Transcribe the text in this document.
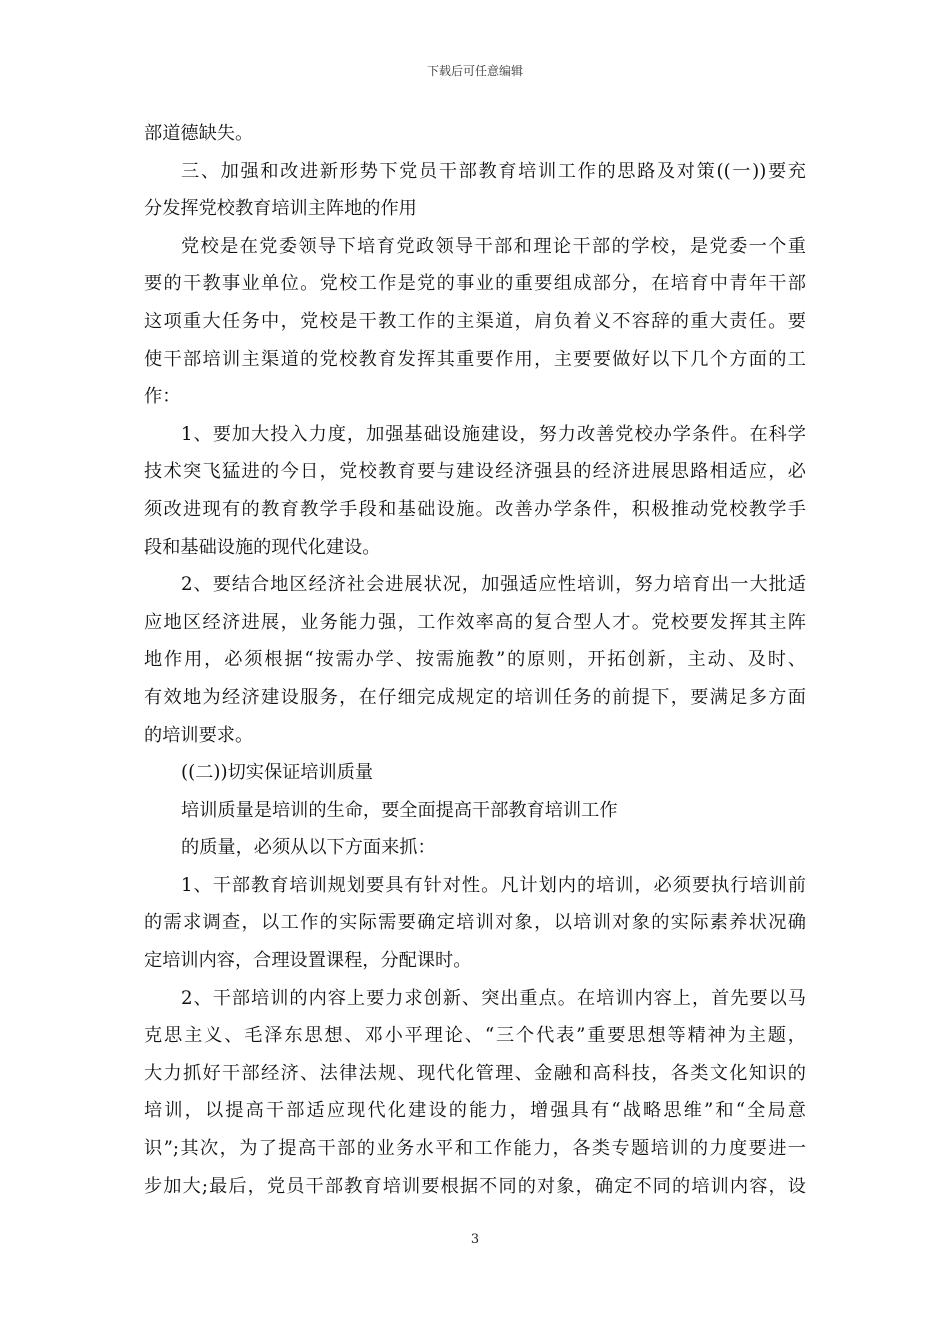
下载后可任意编辑
部道德缺失。
三、加强和改进新形势下党员干部教育培训工作的思路及对策((一))要充
分发挥党校教育培训主阵地的作用
党校是在党委领导下培育党政领导干部和理论干部的学校，是党委一个重
要的干教事业单位。党校工作是党的事业的重要组成部分，在培育中青年干部
这项重大任务中，党校是干教工作的主渠道，肩负着义不容辞的重大责任。要
使干部培训主渠道的党校教育发挥其重要作用，主要要做好以下几个方面的工
作：
1、要加大投入力度，加强基础设施建设，努力改善党校办学条件。在科学
技术突飞猛进的今日，党校教育要与建设经济强县的经济进展思路相适应，必
须改进现有的教育教学手段和基础设施。改善办学条件，积极推动党校教学手
段和基础设施的现代化建设。
2、要结合地区经济社会进展状况，加强适应性培训，努力培育出一大批适
应地区经济进展，业务能力强，工作效率高的复合型人才。党校要发挥其主阵
地作用，必须根据“按需办学、按需施教”的原则，开拓创新，主动、及时、
有效地为经济建设服务，在仔细完成规定的培训任务的前提下，要满足多方面
的培训要求。
((二))切实保证培训质量
培训质量是培训的生命，要全面提高干部教育培训工作
的质量，必须从以下方面来抓：
1、干部教育培训规划要具有针对性。凡计划内的培训，必须要执行培训前
的需求调查，以工作的实际需要确定培训对象，以培训对象的实际素养状况确
定培训内容，合理设置课程，分配课时。
2、干部培训的内容上要力求创新、突出重点。在培训内容上，首先要以马
克思主义、毛泽东思想、邓小平理论、“三个代表”重要思想等精神为主题，
大力抓好干部经济、法律法规、现代化管理、金融和高科技，各类文化知识的
培训，以提高干部适应现代化建设的能力，增强具有“战略思维”和“全局意
识”;其次，为了提高干部的业务水平和工作能力，各类专题培训的力度要进一
步加大;最后，党员干部教育培训要根据不同的对象，确定不同的培训内容，设
3
